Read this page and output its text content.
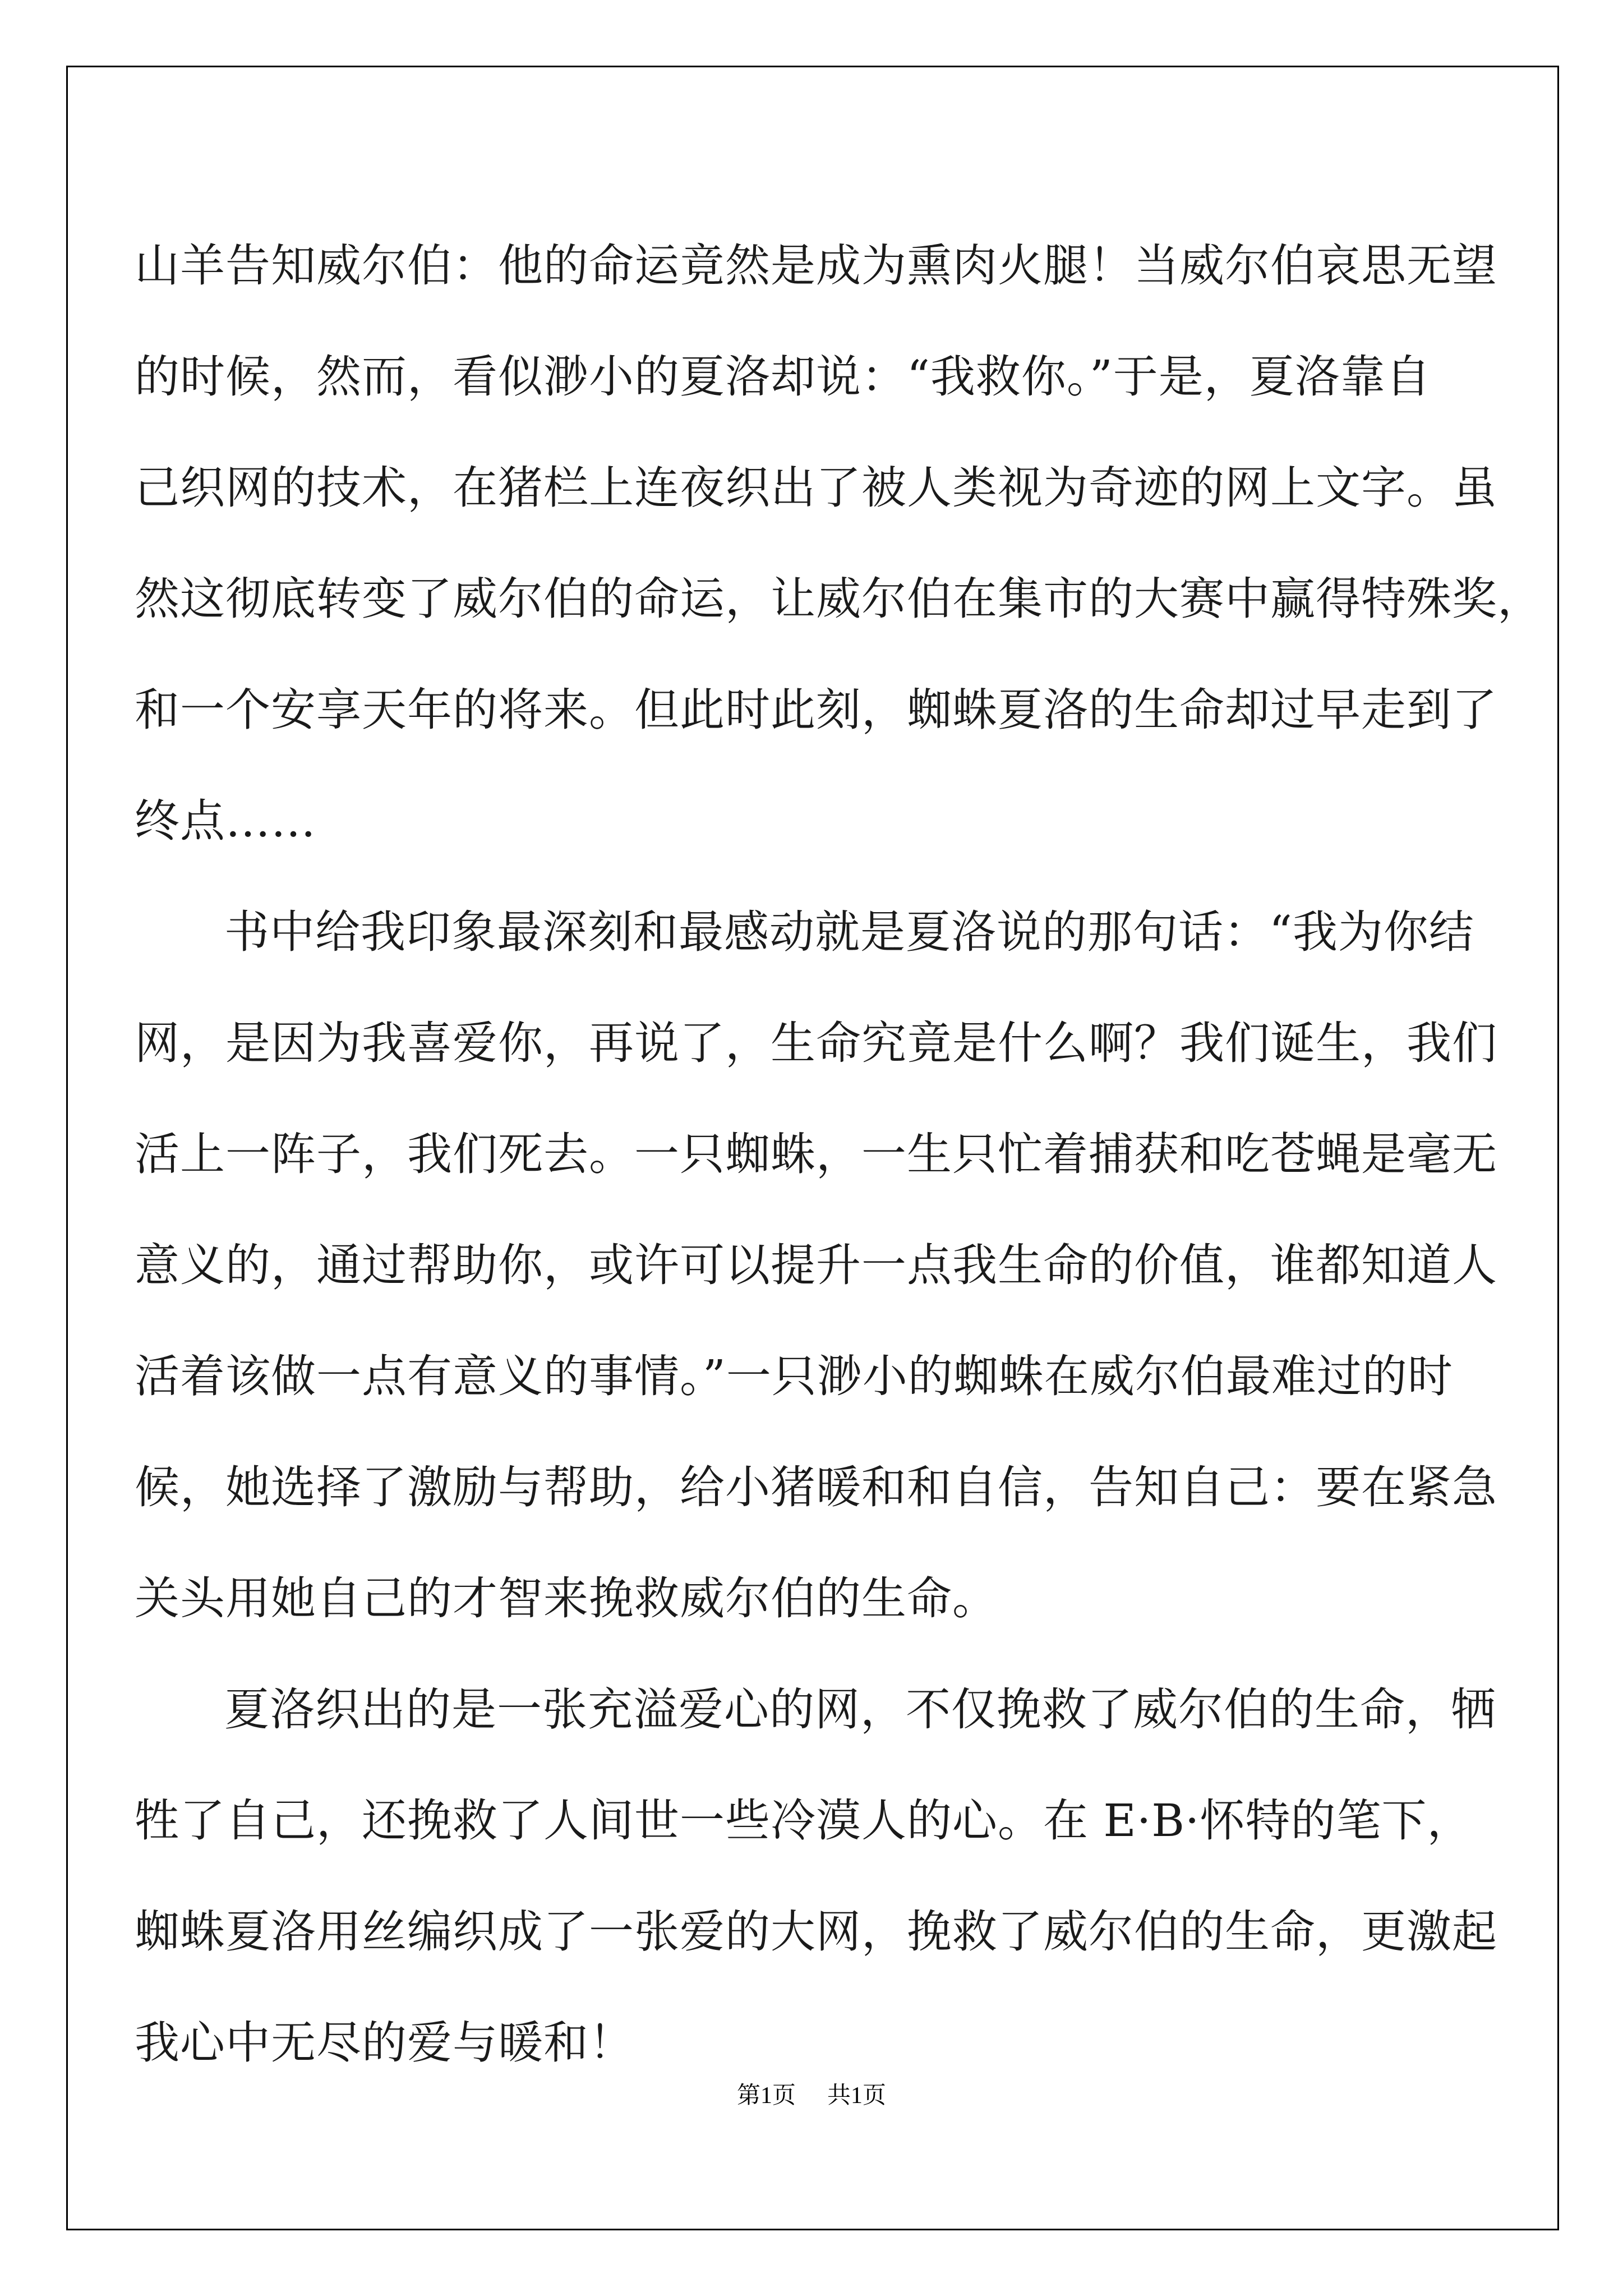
山羊告知威尔伯：他的命运竟然是成为熏肉火腿！当威尔伯哀思无望
的时候，然而，看似渺小的夏洛却说：“我救你。”于是，夏洛靠自
己织网的技术，在猪栏上连夜织出了被人类视为奇迹的网上文字。虽
然这彻底转变了威尔伯的命运，让威尔伯在集市的大赛中赢得特殊奖，
和一个安享天年的将来。但此时此刻，蜘蛛夏洛的生命却过早走到了
终点……

书中给我印象最深刻和最感动就是夏洛说的那句话：“我为你结
网，是因为我喜爱你，再说了，生命究竟是什么啊？我们诞生，我们
活上一阵子，我们死去。一只蜘蛛，一生只忙着捕获和吃苍蝇是毫无
意义的，通过帮助你，或许可以提升一点我生命的价值，谁都知道人
活着该做一点有意义的事情。”一只渺小的蜘蛛在威尔伯最难过的时
候，她选择了激励与帮助，给小猪暖和和自信，告知自己：要在紧急
关头用她自己的才智来挽救威尔伯的生命。

夏洛织出的是一张充溢爱心的网，不仅挽救了威尔伯的生命，牺
牲了自己，还挽救了人间世一些冷漠人的心。在 E·B·怀特的笔下，
蜘蛛夏洛用丝编织成了一张爱的大网，挽救了威尔伯的生命，更激起
我心中无尽的爱与暖和！

第1页 共1页
